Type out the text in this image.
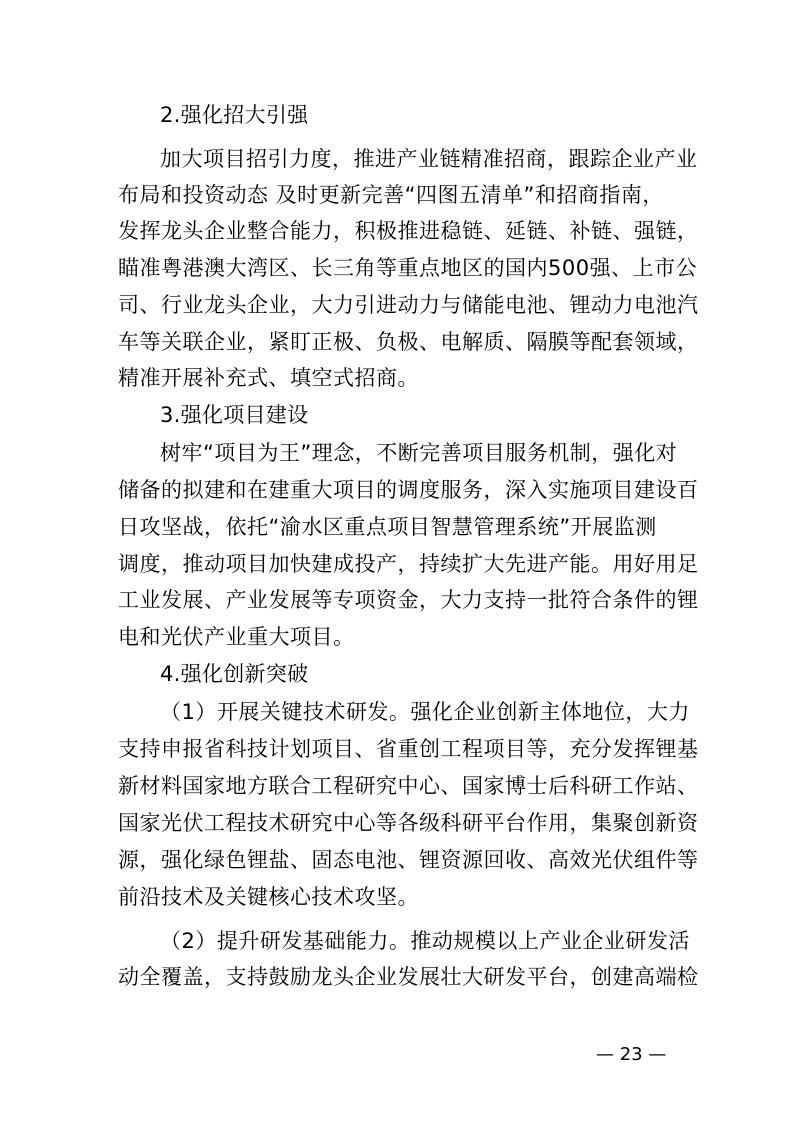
2.强化招大引强
加大项目招引力度，推进产业链精准招商，跟踪企业产业
布局和投资动态 及时更新完善“四图五清单”和招商指南，
发挥龙头企业整合能力，积极推进稳链、延链、补链、强链，
瞄准粤港澳大湾区、长三角等重点地区的国内500强、上市公
司、行业龙头企业，大力引进动力与储能电池、锂动力电池汽
车等关联企业，紧盯正极、负极、电解质、隔膜等配套领域，
精准开展补充式、填空式招商。
3.强化项目建设
树牢“项目为王”理念，不断完善项目服务机制，强化对
储备的拟建和在建重大项目的调度服务，深入实施项目建设百
日攻坚战，依托“渝水区重点项目智慧管理系统”开展监测
调度，推动项目加快建成投产，持续扩大先进产能。用好用足
工业发展、产业发展等专项资金，大力支持一批符合条件的锂
电和光伏产业重大项目。
4.强化创新突破
（1）开展关键技术研发。强化企业创新主体地位，大力
支持申报省科技计划项目、省重创工程项目等，充分发挥锂基
新材料国家地方联合工程研究中心、国家博士后科研工作站、
国家光伏工程技术研究中心等各级科研平台作用，集聚创新资
源，强化绿色锂盐、固态电池、锂资源回收、高效光伏组件等
前沿技术及关键核心技术攻坚。
（2）提升研发基础能力。推动规模以上产业企业研发活
动全覆盖，支持鼓励龙头企业发展壮大研发平台，创建高端检
— 23 —
